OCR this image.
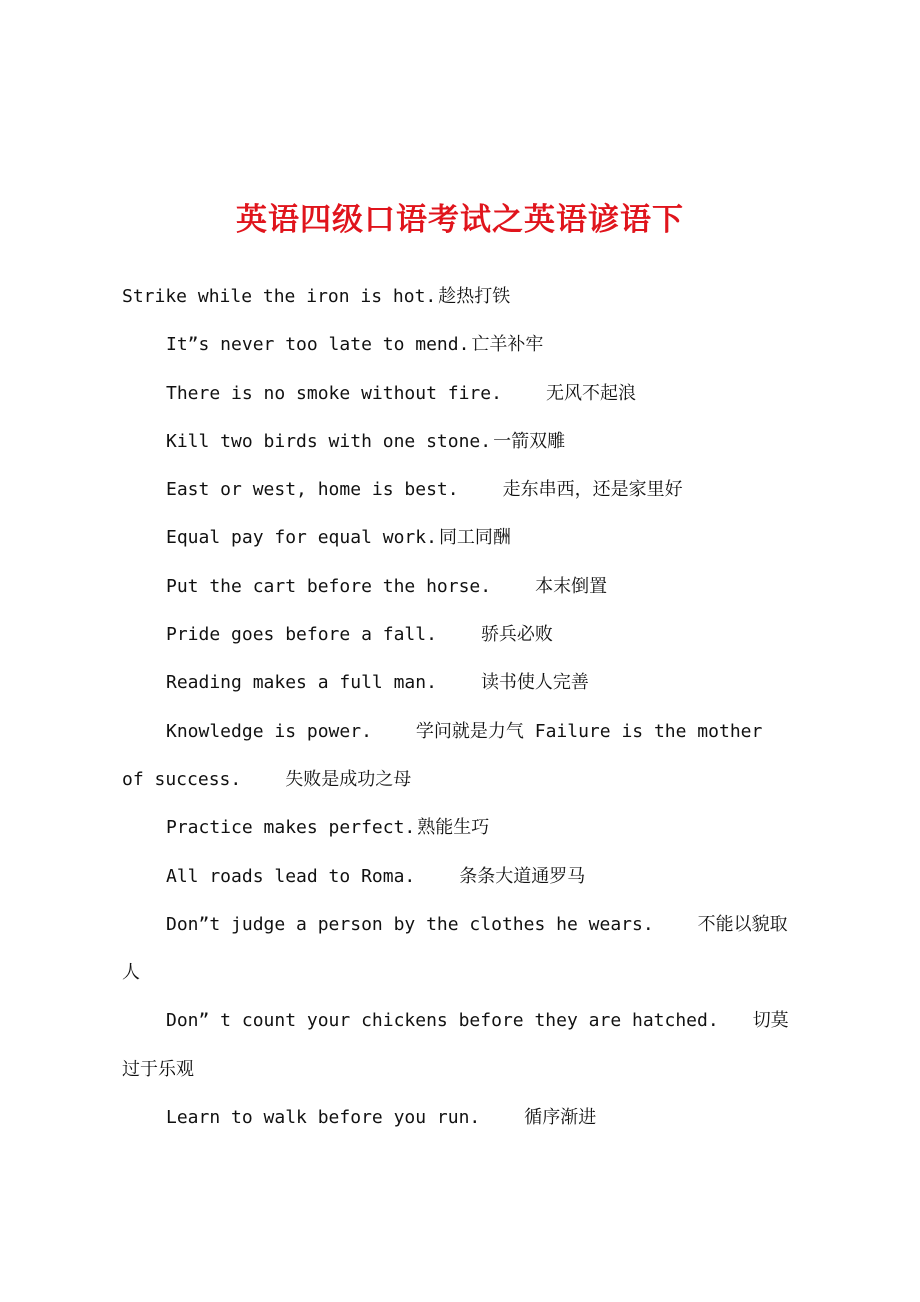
英语四级口语考试之英语谚语下
Strike while the iron is hot. 趁热打铁
It”s never too late to mend. 亡羊补牢
There is no smoke without fire. 无风不起浪
Kill two birds with one stone. 一箭双雕
East or west, home is best. 走东串西，还是家里好
Equal pay for equal work. 同工同酬
Put the cart before the horse. 本末倒置
Pride goes before a fall. 骄兵必败
Reading makes a full man. 读书使人完善
Knowledge is power. 学问就是力气 Failure is the mother
of success. 失败是成功之母
Practice makes perfect. 熟能生巧
All roads lead to Roma. 条条大道通罗马
Don”t judge a person by the clothes he wears. 不能以貌取
人
Don” t count your chickens before they are hatched. 切莫
过于乐观
Learn to walk before you run. 循序渐进
